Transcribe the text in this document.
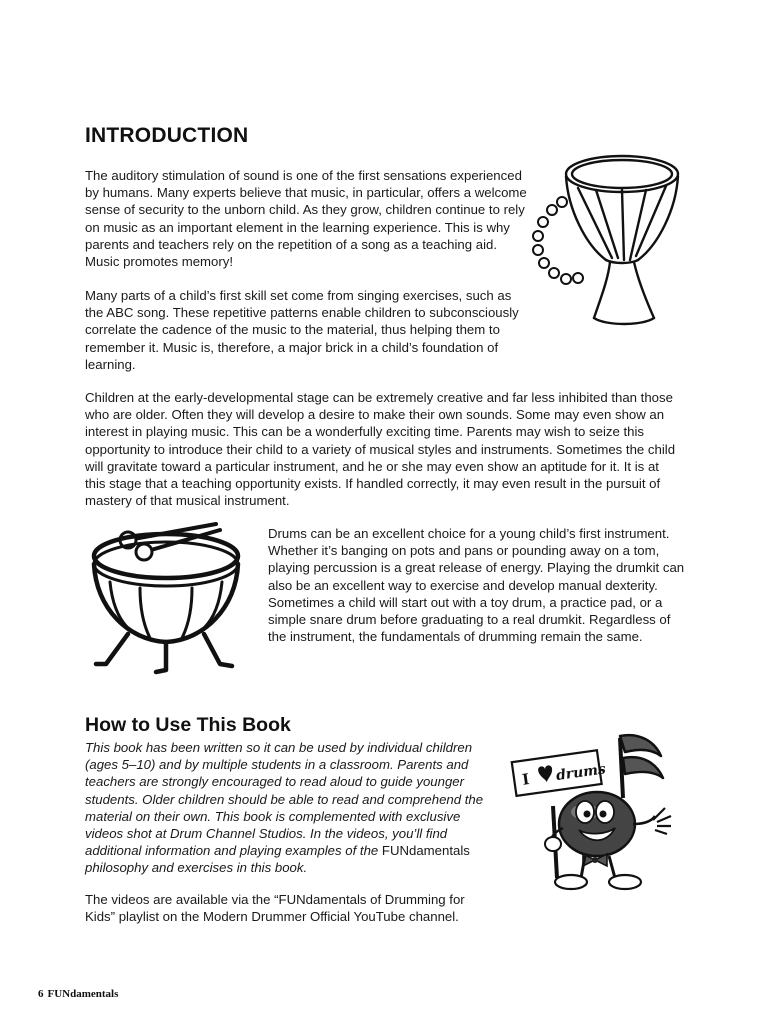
INTRODUCTION

The auditory stimulation of sound is one of the first sensations experienced by humans. Many experts believe that music, in particular, offers a welcome sense of security to the unborn child. As they grow, children continue to rely on music as an important element in the learning experience. This is why parents and teachers rely on the repetition of a song as a teaching aid. Music promotes memory!

Many parts of a child’s first skill set come from singing exercises, such as the ABC song. These repetitive patterns enable children to subconsciously correlate the cadence of the music to the material, thus helping them to remember it. Music is, therefore, a major brick in a child’s foundation of learning.

Children at the early-developmental stage can be extremely creative and far less inhibited than those who are older. Often they will develop a desire to make their own sounds. Some may even show an interest in playing music. This can be a wonderfully exciting time. Parents may wish to seize this opportunity to introduce their child to a variety of musical styles and instruments. Sometimes the child will gravitate toward a particular instrument, and he or she may even show an aptitude for it. It is at this stage that a teaching opportunity exists. If handled correctly, it may even result in the pursuit of mastery of that musical instrument.

Drums can be an excellent choice for a young child’s first instrument. Whether it’s banging on pots and pans or pounding away on a tom, playing percussion is a great release of energy. Playing the drumkit can also be an excellent way to exercise and develop manual dexterity. Sometimes a child will start out with a toy drum, a practice pad, or a simple snare drum before graduating to a real drumkit. Regardless of the instrument, the fundamentals of drumming remain the same.

How to Use This Book

This book has been written so it can be used by individual children (ages 5–10) and by multiple students in a classroom. Parents and teachers are strongly encouraged to read aloud to guide younger students. Older children should be able to read and comprehend the material on their own. This book is complemented with exclusive videos shot at Drum Channel Studios. In the videos, you’ll find additional information and playing examples of the FUNdamentals philosophy and exercises in this book.

The videos are available via the “FUNdamentals of Drumming for Kids” playlist on the Modern Drummer Official YouTube channel.

I drums
6 FUNdamentals
